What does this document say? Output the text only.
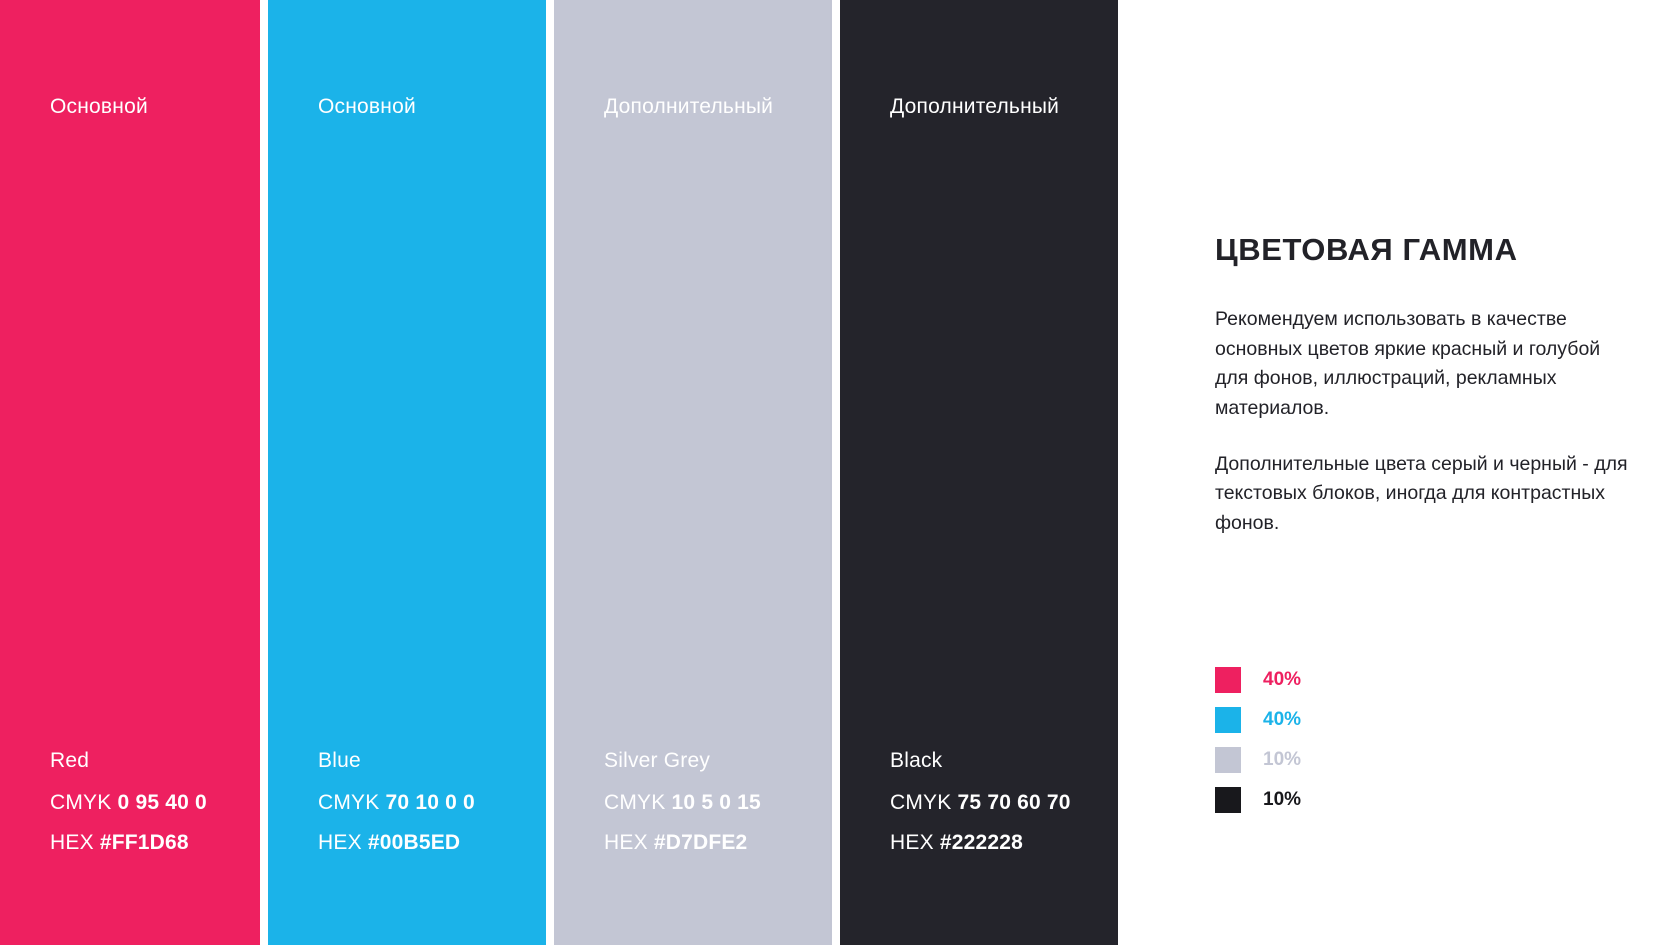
Основной
Red
CMYK 0 95 40 0
HEX #FF1D68
Основной
Blue
CMYK 70 10 0 0
HEX #00B5ED
Дополнительный
Silver Grey
CMYK 10 5 0 15
HEX #D7DFE2
Дополнительный
Black
CMYK 75 70 60 70
HEX #222228
ЦВЕТОВАЯ ГАММА

Рекомендуем использовать в качестве основных цветов яркие красный и голубой для фонов, иллюстраций, рекламных материалов.

Дополнительные цвета серый и черный - для текстовых блоков, иногда для контрастных фонов.

40%
40%
10%
10%
